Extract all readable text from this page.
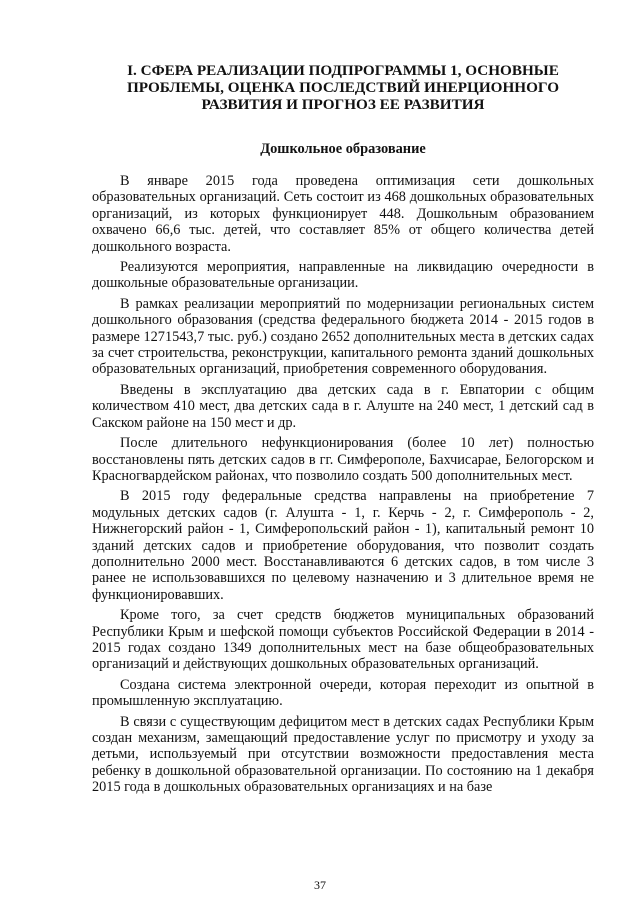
I. СФЕРА РЕАЛИЗАЦИИ ПОДПРОГРАММЫ 1, ОСНОВНЫЕ ПРОБЛЕМЫ, ОЦЕНКА ПОСЛЕДСТВИЙ ИНЕРЦИОННОГО РАЗВИТИЯ И ПРОГНОЗ ЕЕ РАЗВИТИЯ
Дошкольное образование

В январе 2015 года проведена оптимизация сети дошкольных образовательных организаций. Сеть состоит из 468 дошкольных образовательных организаций, из которых функционирует 448. Дошкольным образованием охвачено 66,6 тыс. детей, что составляет 85% от общего количества детей дошкольного возраста.

Реализуются мероприятия, направленные на ликвидацию очередности в дошкольные образовательные организации.

В рамках реализации мероприятий по модернизации региональных систем дошкольного образования (средства федерального бюджета 2014 - 2015 годов в размере 1271543,7 тыс. руб.) создано 2652 дополнительных места в детских садах за счет строительства, реконструкции, капитального ремонта зданий дошкольных образовательных организаций, приобретения современного оборудования.

Введены в эксплуатацию два детских сада в г. Евпатории с общим количеством 410 мест, два детских сада в г. Алуште на 240 мест, 1 детский сад в Сакском районе на 150 мест и др.

После длительного нефункционирования (более 10 лет) полностью восстановлены пять детских садов в гг. Симферополе, Бахчисарае, Белогорском и Красногвардейском районах, что позволило создать 500 дополнительных мест.

В 2015 году федеральные средства направлены на приобретение 7 модульных детских садов (г. Алушта - 1, г. Керчь - 2, г. Симферополь - 2, Нижнегорский район - 1, Симферопольский район - 1), капитальный ремонт 10 зданий детских садов и приобретение оборудования, что позволит создать дополнительно 2000 мест. Восстанавливаются 6 детских садов, в том числе 3 ранее не использовавшихся по целевому назначению и 3 длительное время не функционировавших.

Кроме того, за счет средств бюджетов муниципальных образований Республики Крым и шефской помощи субъектов Российской Федерации в 2014 - 2015 годах создано 1349 дополнительных мест на базе общеобразовательных организаций и действующих дошкольных образовательных организаций.

Создана система электронной очереди, которая переходит из опытной в промышленную эксплуатацию.

В связи с существующим дефицитом мест в детских садах Республики Крым создан механизм, замещающий предоставление услуг по присмотру и уходу за детьми, используемый при отсутствии возможности предоставления места ребенку в дошкольной образовательной организации. По состоянию на 1 декабря 2015 года в дошкольных образовательных организациях и на базе

37
